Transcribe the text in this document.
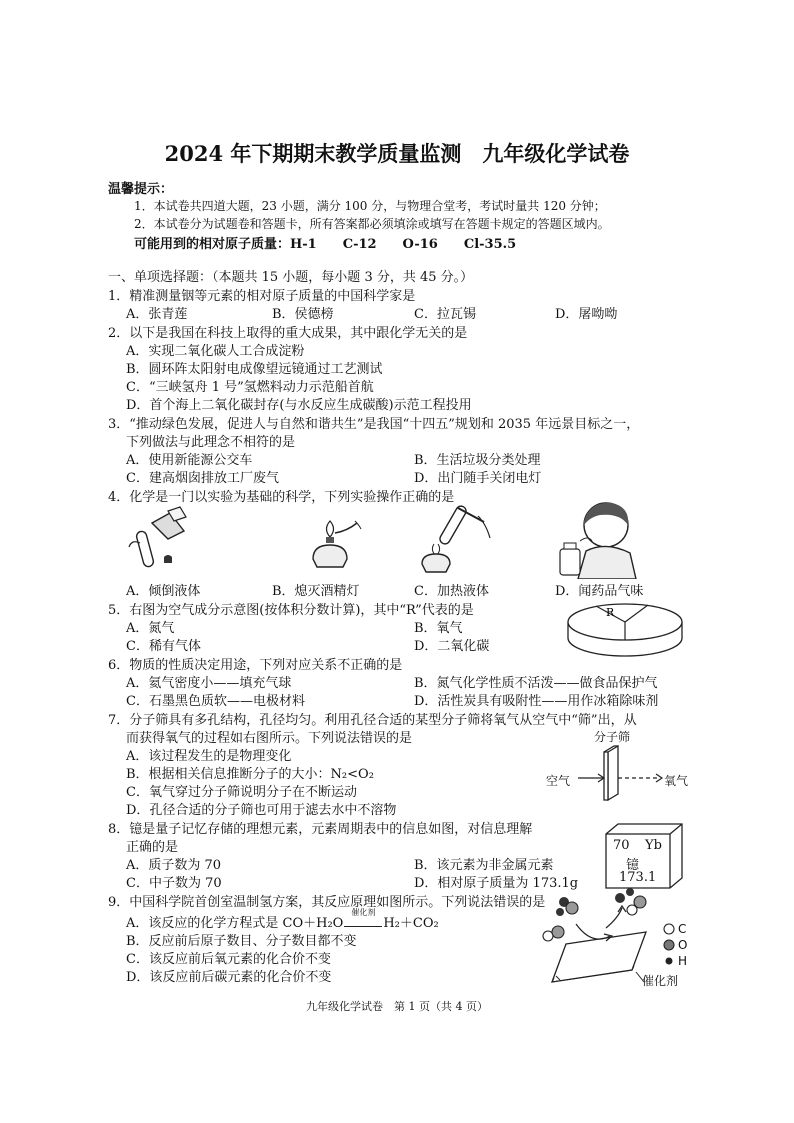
2024 年下期期末教学质量监测　九年级化学试卷
温馨提示：
1．本试卷共四道大题，23 小题，满分 100 分，与物理合堂考，考试时量共 120 分钟；
2．本试卷分为试题卷和答题卡，所有答案都必须填涂或填写在答题卡规定的答题区域内。
可能用到的相对原子质量：H-1　　C-12　　O-16　　Cl-35.5
一、单项选择题：（本题共 15 小题，每小题 3 分，共 45 分。）
1．精准测量铟等元素的相对原子质量的中国科学家是
A．张青莲	B．侯德榜	C．拉瓦锡	D．屠呦呦
2．以下是我国在科技上取得的重大成果，其中跟化学无关的是
A．实现二氧化碳人工合成淀粉
B．圆环阵太阳射电成像望远镜通过工艺测试
C．“三峡氢舟 1 号”氢燃料动力示范船首航
D．首个海上二氧化碳封存(与水反应生成碳酸)示范工程投用
3．“推动绿色发展，促进人与自然和谐共生”是我国“十四五”规划和 2035 年远景目标之一，
下列做法与此理念不相符的是
A．使用新能源公交车	B．生活垃圾分类处理
C．建高烟囱排放工厂废气	D．出门随手关闭电灯
4．化学是一门以实验为基础的科学，下列实验操作正确的是
A．倾倒液体	B．熄灭酒精灯	C．加热液体	D．闻药品气味
5．右图为空气成分示意图(按体积分数计算)，其中“R”代表的是
A．氮气	B．氧气
C．稀有气体	D．二氧化碳
R
6．物质的性质决定用途，下列对应关系不正确的是
A．氦气密度小——填充气球	B．氮气化学性质不活泼——做食品保护气
C．石墨黑色质软——电极材料	D．活性炭具有吸附性——用作冰箱除味剂
7．分子筛具有多孔结构，孔径均匀。利用孔径合适的某型分子筛将氧气从空气中“筛”出，从
而获得氧气的过程如右图所示。下列说法错误的是
A．该过程发生的是物理变化
B．根据相关信息推断分子的大小：N₂<O₂
C．氧气穿过分子筛说明分子在不断运动
D．孔径合适的分子筛也可用于滤去水中不溶物
分子筛
空气	氧气
8．镱是量子记忆存储的理想元素，元素周期表中的信息如图，对信息理解
正确的是
A．质子数为 70	B．该元素为非金属元素
C．中子数为 70	D．相对原子质量为 173.1g
70 Yb
镱
173.1
9．中国科学院首创室温制氢方案，其反应原理如图所示。下列说法错误的是
A．该反应的化学方程式是 CO＋H₂O
催化剂
H₂＋CO₂
B．反应前后原子数目、分子数目都不变
C．该反应前后氧元素的化合价不变
D．该反应前后碳元素的化合价不变
C
O
H
催化剂
九年级化学试卷　第 1 页（共 4 页）
